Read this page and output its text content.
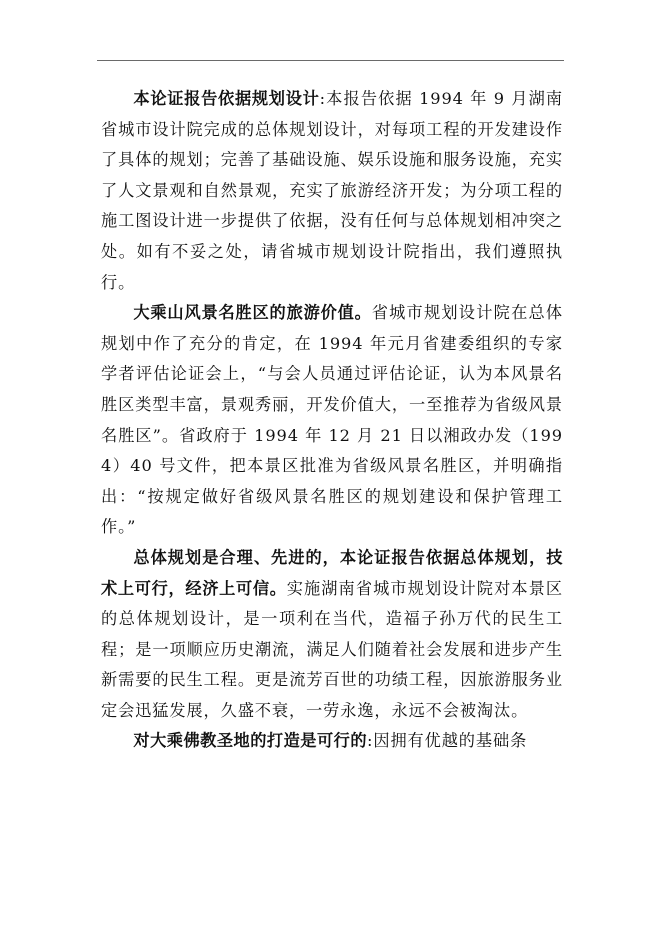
本论证报告依据规划设计:本报告依据 1994 年 9 月湖南省城市设计院完成的总体规划设计，对每项工程的开发建设作了具体的规划；完善了基础设施、娱乐设施和服务设施，充实了人文景观和自然景观，充实了旅游经济开发；为分项工程的施工图设计进一步提供了依据，没有任何与总体规划相冲突之处。如有不妥之处，请省城市规划设计院指出，我们遵照执行。

大乘山风景名胜区的旅游价值。省城市规划设计院在总体规划中作了充分的肯定，在 1994 年元月省建委组织的专家学者评估论证会上，“与会人员通过评估论证，认为本风景名胜区类型丰富，景观秀丽，开发价值大，一至推荐为省级风景名胜区”。省政府于 1994 年 12 月 21 日以湘政办发（1994）40 号文件，把本景区批准为省级风景名胜区，并明确指出：“按规定做好省级风景名胜区的规划建设和保护管理工作。”

总体规划是合理、先进的，本论证报告依据总体规划，技术上可行，经济上可信。实施湖南省城市规划设计院对本景区的总体规划设计，是一项利在当代，造福子孙万代的民生工程；是一项顺应历史潮流，满足人们随着社会发展和进步产生新需要的民生工程。更是流芳百世的功绩工程，因旅游服务业定会迅猛发展，久盛不衰，一劳永逸，永远不会被淘汰。

对大乘佛教圣地的打造是可行的:因拥有优越的基础条
